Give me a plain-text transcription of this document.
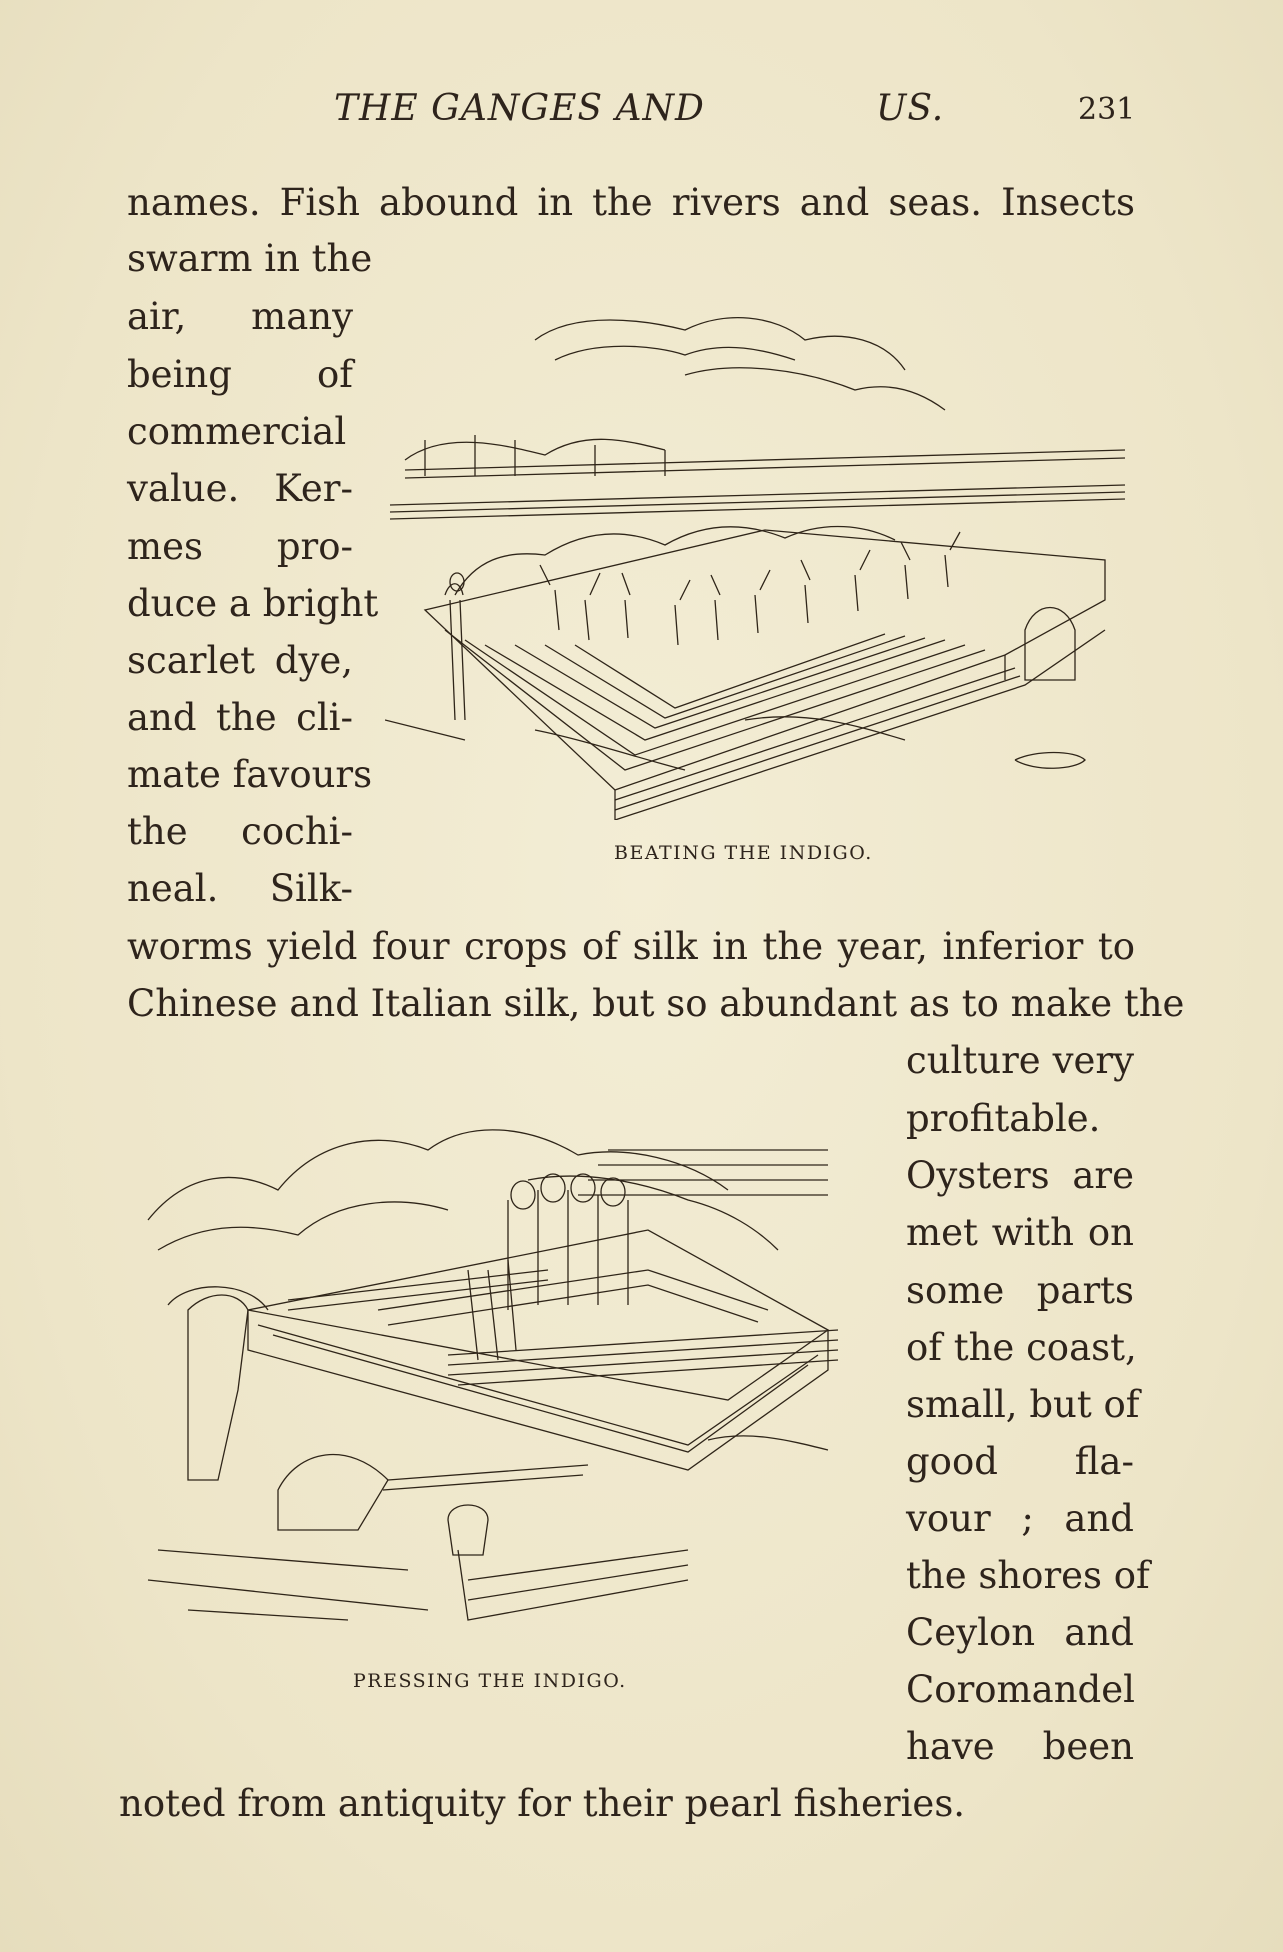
THE GANGES AND	US.	231
names. Fish abound in the rivers and seas. Insects
swarm in the
air, many
being of
commercial
value. Ker-
mes pro-
duce a bright
scarlet dye,
and the cli-
mate favours
the cochi-
neal. Silk-
BEATING THE INDIGO.
worms yield four crops of silk in the year, inferior to
Chinese and Italian silk, but so abundant as to make the
culture very
profitable.
Oysters are
met with on
some parts
of the coast,
small, but of
good fla-
vour ; and
the shores of
Ceylon and
Coromandel
have been
PRESSING THE INDIGO.
noted from antiquity for their pearl fisheries.
